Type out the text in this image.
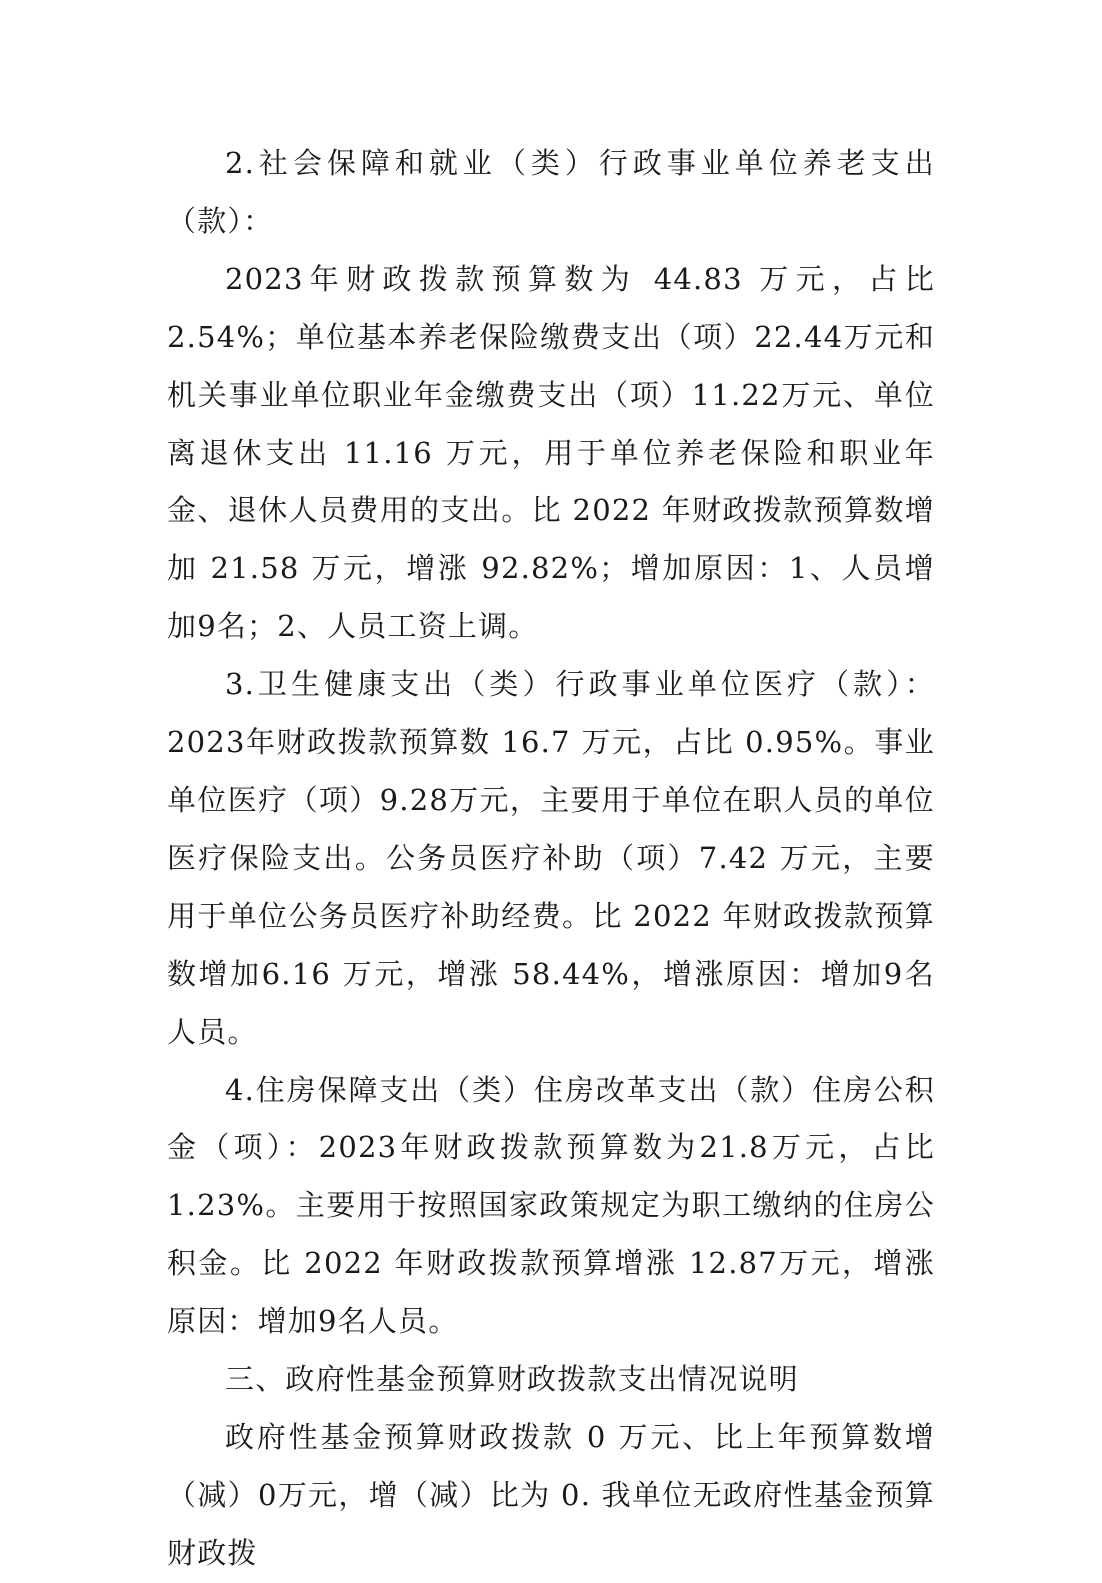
2.社会保障和就业（类）行政事业单位养老支出（款）：

2023年财政拨款预算数为 44.83 万元，占比 2.54%；单位基本养老保险缴费支出（项）22.44万元和机关事业单位职业年金缴费支出（项）11.22万元、单位离退休支出 11.16 万元，用于单位养老保险和职业年金、退休人员费用的支出。比 2022 年财政拨款预算数增加 21.58 万元，增涨 92.82%；增加原因：1、人员增加9名；2、人员工资上调。

3.卫生健康支出（类）行政事业单位医疗（款）：2023年财政拨款预算数 16.7 万元，占比 0.95%。事业单位医疗（项）9.28万元，主要用于单位在职人员的单位医疗保险支出。公务员医疗补助（项）7.42 万元，主要用于单位公务员医疗补助经费。比 2022 年财政拨款预算数增加6.16 万元，增涨 58.44%，增涨原因：增加9名人员。

4.住房保障支出（类）住房改革支出（款）住房公积金（项）：2023年财政拨款预算数为21.8万元，占比 1.23%。主要用于按照国家政策规定为职工缴纳的住房公积金。比 2022 年财政拨款预算增涨 12.87万元，增涨原因：增加9名人员。

三、政府性基金预算财政拨款支出情况说明

政府性基金预算财政拨款 0 万元、比上年预算数增（减）0万元，增（减）比为 0. 我单位无政府性基金预算财政拨
